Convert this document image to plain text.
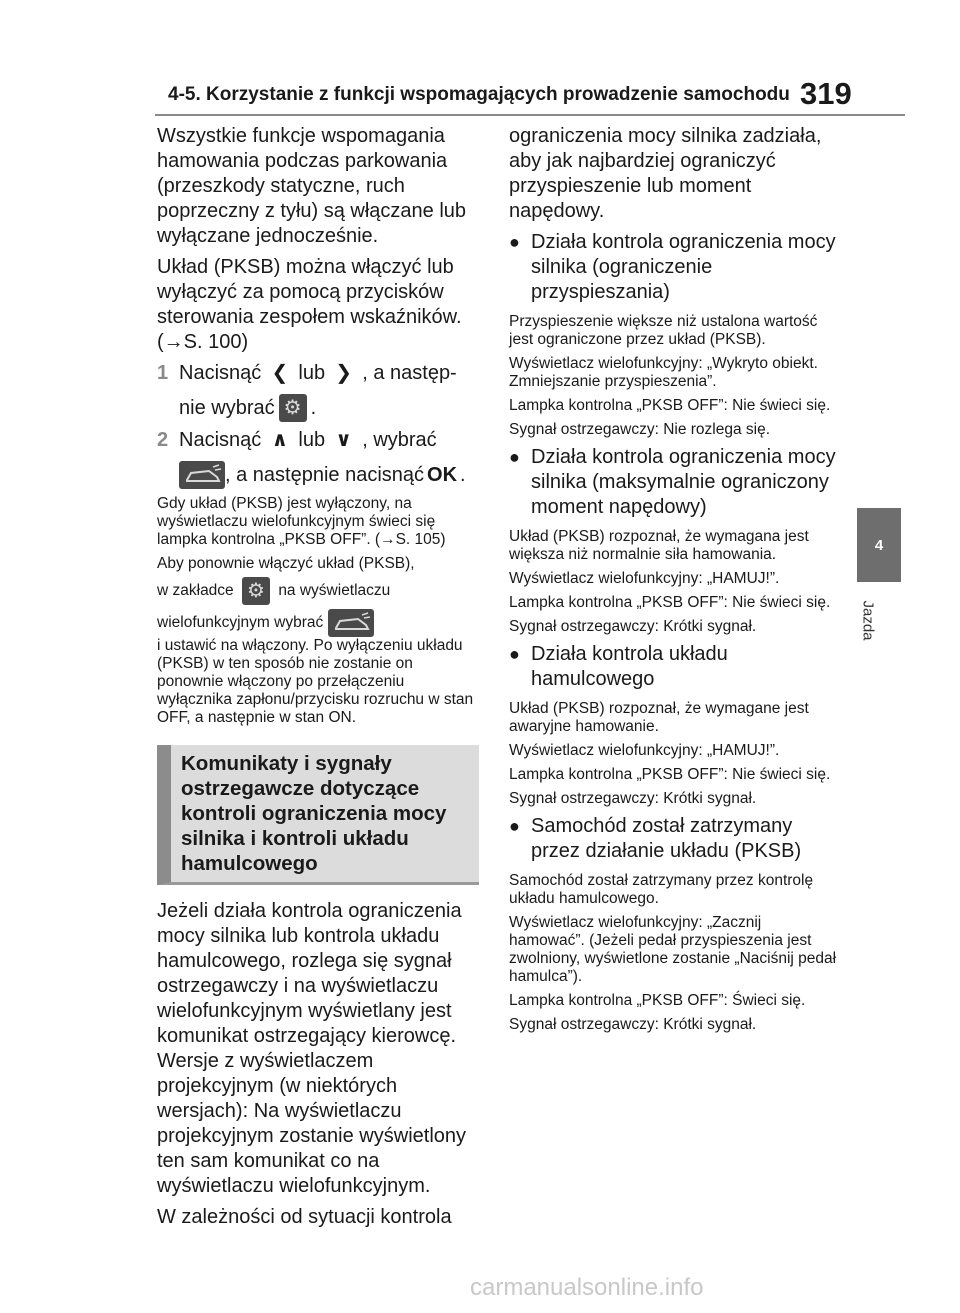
4-5. Korzystanie z funkcji wspomagających prowadzenie samochodu 319
4
Jazda

Wszystkie funkcje wspomagania hamowania podczas parkowania (przeszkody statyczne, ruch poprzeczny z tyłu) są włączane lub wyłączane jednocześnie.

Układ (PKSB) można włączyć lub wyłączyć za pomocą przycisków sterowania zespołem wskaźników. (→S. 100)

1 Nacisnąć ❮ lub ❯ , a następ-
nie wybrać ⚙ .
2 Nacisnąć ∧ lub ∨ , wybrać
, a następnie nacisnąć OK .

Gdy układ (PKSB) jest wyłączony, na wyświetlaczu wielofunkcyjnym świeci się lampka kontrolna „PKSB OFF”. (→S. 105)

Aby ponownie włączyć układ (PKSB),

w zakładce ⚙	na wyświetlaczu

wielofunkcyjnym wybrać

i ustawić na włączony. Po wyłączeniu układu (PKSB) w ten sposób nie zostanie on ponownie włączony po przełączeniu wyłącznika zapłonu/przycisku rozruchu w stan OFF, a następnie w stan ON.

Komunikaty i sygnały ostrzegawcze dotyczące kontroli ograniczenia mocy silnika i kontroli układu hamulcowego

Jeżeli działa kontrola ograniczenia mocy silnika lub kontrola układu hamulcowego, rozlega się sygnał ostrzegawczy i na wyświetlaczu wielofunkcyjnym wyświetlany jest komunikat ostrzegający kierowcę. Wersje z wyświetlaczem projekcyjnym (w niektórych wersjach): Na wyświetlaczu projekcyjnym zostanie wyświetlony ten sam komunikat co na wyświetlaczu wielofunkcyjnym.

W zależności od sytuacji kontrola

ograniczenia mocy silnika zadziała, aby jak najbardziej ograniczyć przyspieszenie lub moment napędowy.

● Działa kontrola ograniczenia mocy silnika (ograniczenie przyspieszania)

Przyspieszenie większe niż ustalona wartość jest ograniczone przez układ (PKSB).

Wyświetlacz wielofunkcyjny: „Wykryto obiekt. Zmniejszanie przyspieszenia”.

Lampka kontrolna „PKSB OFF”: Nie świeci się.

Sygnał ostrzegawczy: Nie rozlega się.

● Działa kontrola ograniczenia mocy silnika (maksymalnie ograniczony moment napędowy)

Układ (PKSB) rozpoznał, że wymagana jest większa niż normalnie siła hamowania.

Wyświetlacz wielofunkcyjny: „HAMUJ!”.

Lampka kontrolna „PKSB OFF”: Nie świeci się.

Sygnał ostrzegawczy: Krótki sygnał.

● Działa kontrola układu hamulcowego

Układ (PKSB) rozpoznał, że wymagane jest awaryjne hamowanie.

Wyświetlacz wielofunkcyjny: „HAMUJ!”.

Lampka kontrolna „PKSB OFF”: Nie świeci się.

Sygnał ostrzegawczy: Krótki sygnał.

● Samochód został zatrzymany przez działanie układu (PKSB)

Samochód został zatrzymany przez kontrolę układu hamulcowego.

Wyświetlacz wielofunkcyjny: „Zacznij hamować”. (Jeżeli pedał przyspieszenia jest zwolniony, wyświetlone zostanie „Naciśnij pedał hamulca”).

Lampka kontrolna „PKSB OFF”: Świeci się.

Sygnał ostrzegawczy: Krótki sygnał.

carmanualsonline.info
